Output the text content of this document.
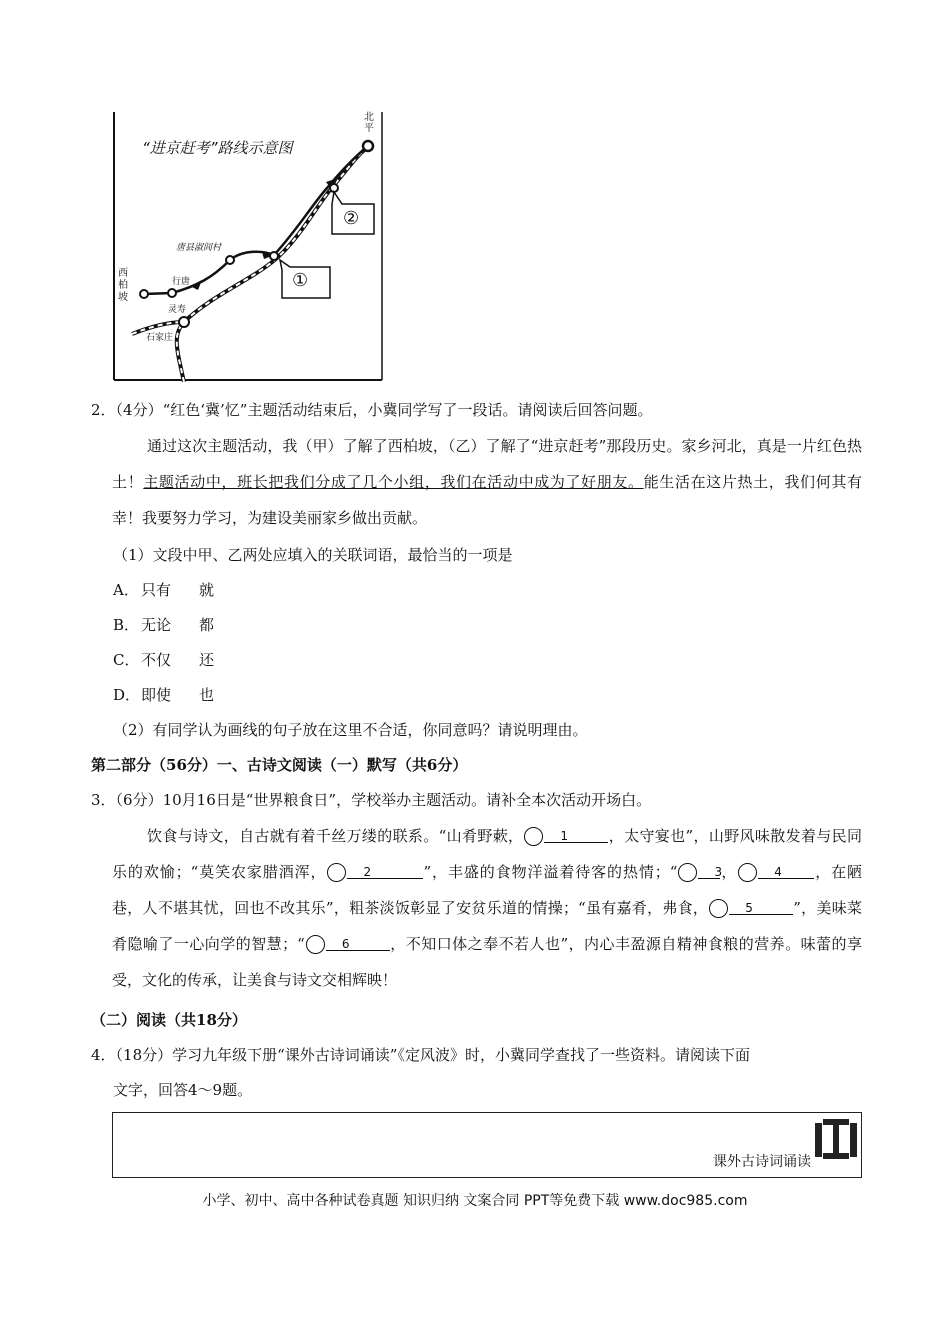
“进京赶考”路线示意图
北平
西柏坡
行唐
灵寿
唐县淑闾村
石家庄
①
②
2．（4分）“红色‘冀’忆”主题活动结束后，小冀同学写了一段话。请阅读后回答问题。
通过这次主题活动，我（甲）了解了西柏坡，（乙）了解了“进京赶考”那段历史。家乡河北，真是一片红色热土！主题活动中，班长把我们分成了几个小组，我们在活动中成为了好朋友。能生活在这片热土，我们何其有幸！我要努力学习，为建设美丽家乡做出贡献。
（1）文段中甲、乙两处应填入的关联词语，最恰当的一项是
A． 只有 就
B． 无论 都
C． 不仅 还
D．即使 也
（2）有同学认为画线的句子放在这里不合适，你同意吗？请说明理由。
第二部分（56分）一、古诗文阅读（一）默写（共6分）
3．（6分）10月16日是“世界粮食日”，学校举办主题活动。请补全本次活动开场白。
饮食与诗文，自古就有着千丝万缕的联系。“山肴野蔌，	1	，太守宴也”，山野风味散发着与民同乐的欢愉；“莫笑农家腊酒浑，	2	”，丰盛的食物洋溢着待客的热情；“	3，	4 ，在陋巷，人不堪其忧，回也不改其乐”，粗茶淡饭彰显了安贫乐道的情操；“虽有嘉肴，弗食，	5	”，美味菜肴隐喻了一心向学的智慧；“	6	，不知口体之奉不若人也”，内心丰盈源自精神食粮的营养。味蕾的享受，文化的传承，让美食与诗文交相辉映！
（二）阅读（共18分）
4．（18分）学习九年级下册“课外古诗词诵读”《定风波》时，小冀同学查找了一些资料。请阅读下面
文字，回答4～9题。
课外古诗词诵读
小学、初中、高中各种试卷真题 知识归纳 文案合同 PPT等免费下载 www.doc985.com
